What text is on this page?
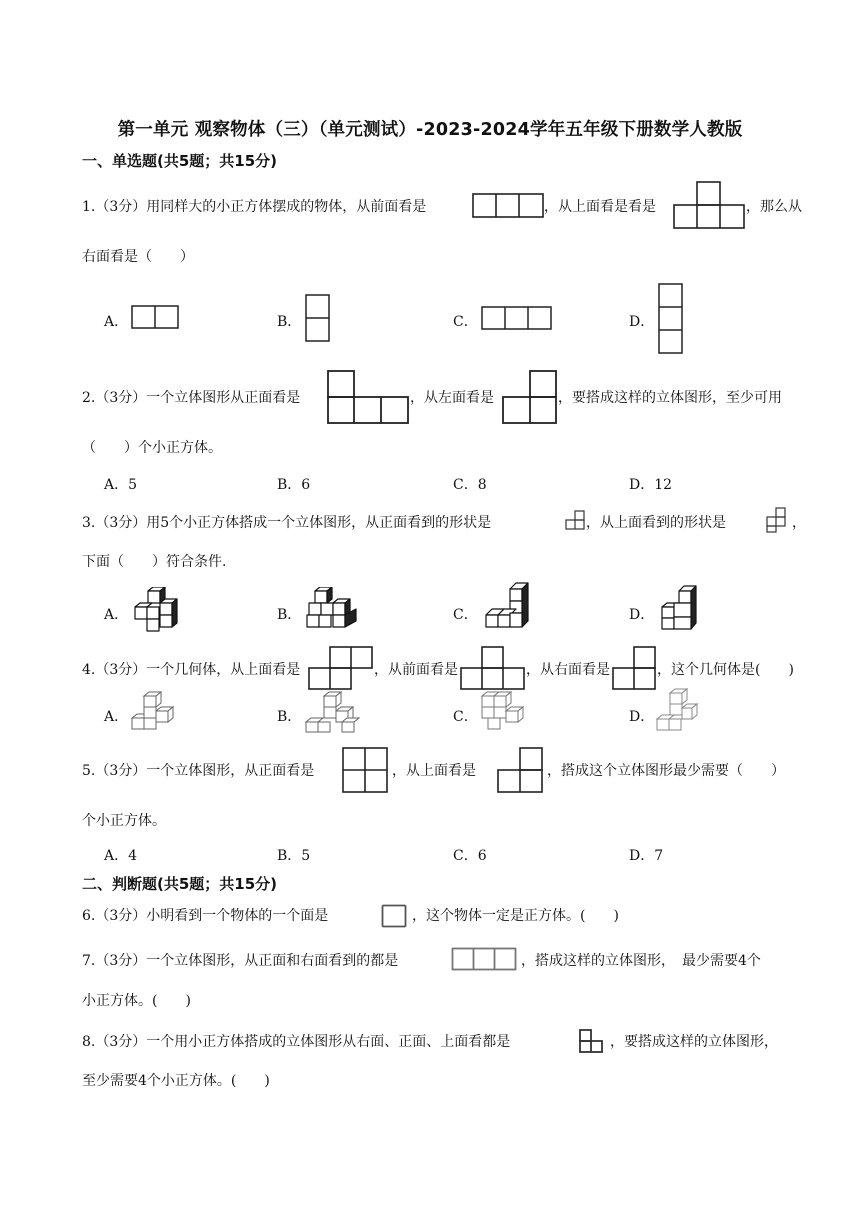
第一单元 观察物体（三）（单元测试）-2023-2024学年五年级下册数学人教版
一、单选题(共5题；共15分)
1.（3分）用同样大的小正方体摆成的物体，从前面看是	，从上面看是看是	，那么从
右面看是（　　）
A．	B．	C．	D．
2.（3分）一个立体图形从正面看是	，从左面看是	，要搭成这样的立体图形，至少可用
（　　）个小正方体。
A．5	B．6	C．8	D．12
3.（3分）用5个小正方体搭成一个立体图形，从正面看到的形状是	，从上面看到的形状是	，
下面（　　）符合条件.
A．	B．	C．	D．
4.（3分）一个几何体，从上面看是	，从前面看是	，从右面看是	，这个几何体是(　　)
A．	B．	C．	D．
5.（3分）一个立体图形，从正面看是	，从上面看是	，搭成这个立体图形最少需要（　　）
个小正方体。
A．4	B．5	C．6	D．7
二、判断题(共5题；共15分)
6.（3分）小明看到一个物体的一个面是	，这个物体一定是正方体。(　　)
7.（3分）一个立体图形，从正面和右面看到的都是	，搭成这样的立体图形，　最少需要4个
小正方体。(　　)
8.（3分）一个用小正方体搭成的立体图形从右面、正面、上面看都是	，要搭成这样的立体图形，
至少需要4个小正方体。(　　)
